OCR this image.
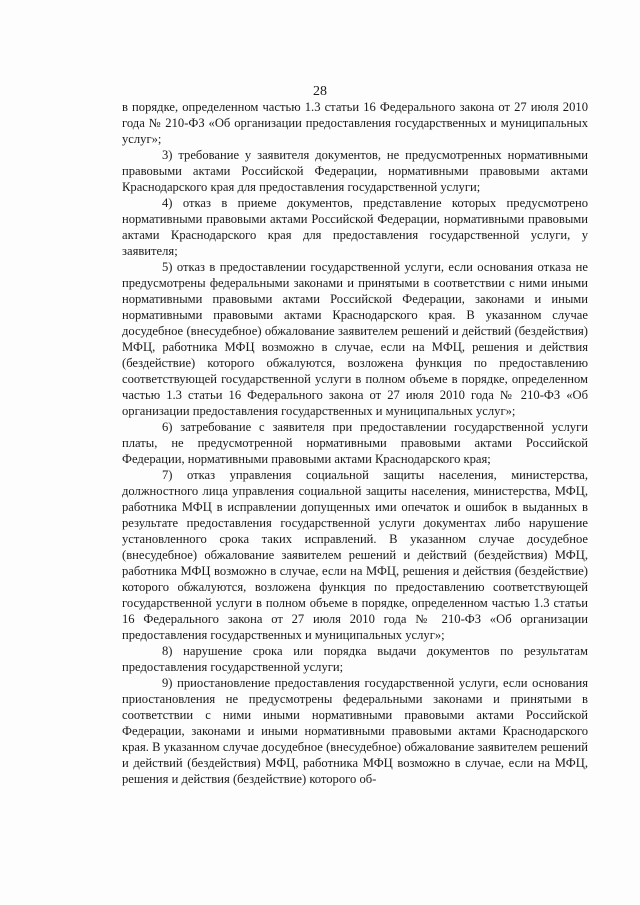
28

в порядке, определенном частью 1.3 статьи 16 Федерального закона от 27 июля 2010 года № 210-ФЗ «Об организации предоставления государственных и муниципальных услуг»;

3) требование у заявителя документов, не предусмотренных нормативными правовыми актами Российской Федерации, нормативными правовыми актами Краснодарского края для предоставления государственной услуги;

4) отказ в приеме документов, представление которых предусмотрено нормативными правовыми актами Российской Федерации, нормативными правовыми актами Краснодарского края для предоставления государственной услуги, у заявителя;

5) отказ в предоставлении государственной услуги, если основания отказа не предусмотрены федеральными законами и принятыми в соответствии с ними иными нормативными правовыми актами Российской Федерации, законами и иными нормативными правовыми актами Краснодарского края. В указанном случае досудебное (внесудебное) обжалование заявителем решений и действий (бездействия) МФЦ, работника МФЦ возможно в случае, если на МФЦ, решения и действия (бездействие) которого обжалуются, возложена функция по предоставлению соответствующей государственной услуги в полном объеме в порядке, определенном частью 1.3 статьи 16 Федерального закона от 27 июля 2010 года № 210-ФЗ «Об организации предоставления государственных и муниципальных услуг»;

6) затребование с заявителя при предоставлении государственной услуги платы, не предусмотренной нормативными правовыми актами Российской Федерации, нормативными правовыми актами Краснодарского края;

7) отказ управления социальной защиты населения, министерства, должностного лица управления социальной защиты населения, министерства, МФЦ, работника МФЦ в исправлении допущенных ими опечаток и ошибок в выданных в результате предоставления государственной услуги документах либо нарушение установленного срока таких исправлений. В указанном случае досудебное (внесудебное) обжалование заявителем решений и действий (бездействия) МФЦ, работника МФЦ возможно в случае, если на МФЦ, решения и действия (бездействие) которого обжалуются, возложена функция по предоставлению соответствующей государственной услуги в полном объеме в порядке, определенном частью 1.3 статьи 16 Федерального закона от 27 июля 2010 года № 210-ФЗ «Об организации предоставления государственных и муниципальных услуг»;

8) нарушение срока или порядка выдачи документов по результатам предоставления государственной услуги;

9) приостановление предоставления государственной услуги, если основания приостановления не предусмотрены федеральными законами и принятыми в соответствии с ними иными нормативными правовыми актами Российской Федерации, законами и иными нормативными правовыми актами Краснодарского края. В указанном случае досудебное (внесудебное) обжалование заявителем решений и действий (бездействия) МФЦ, работника МФЦ возможно в случае, если на МФЦ, решения и действия (бездействие) которого об-
